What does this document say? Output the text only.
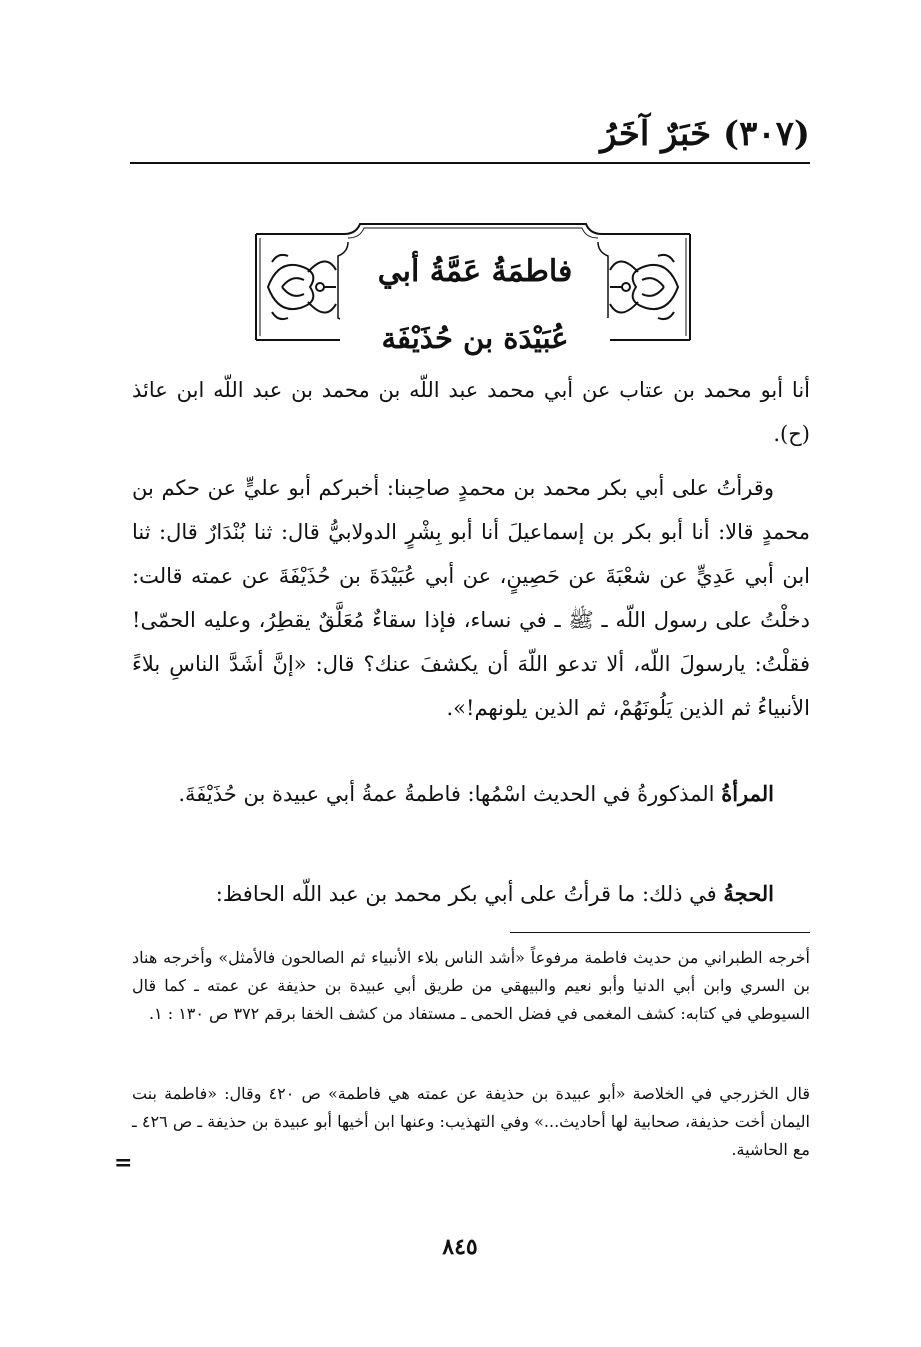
(٣٠٧) خَبَرٌ آخَرُ
فاطمَةُ عَمَّةُ أبي
عُبَيْدَة بن حُذَيْفَة

أنا أبو محمد بن عتاب عن أبي محمد عبد اللّه بن محمد بن عبد اللّه ابن عائذ (ح).

وقرأتُ على أبي بكر محمد بن محمدٍ صاحِبنا: أخبركم أبو عليٍّ عن حكم بن محمدٍ قالا: أنا أبو بكر بن إسماعيلَ أنا أبو بِشْرٍ الدولابيُّ قال: ثنا بُنْدَارٌ قال: ثنا ابن أبي عَدِيٍّ عن شعْبَةَ عن حَصِينٍ، عن أبي عُبَيْدَةَ بن حُذَيْفَةَ عن عمته قالت: دخلْتُ على رسول اللّه ـ ﷺ ـ في نساء، فإذا سقاءٌ مُعَلَّقٌ يقطِرُ، وعليه الحمّى! فقلْتُ: يارسولَ اللّه، ألا تدعو اللّهَ أن يكشفَ عنك؟ قال: «إنَّ أشَدَّ الناسِ بلاءً الأنبياءُ ثم الذين يَلُونَهُمْ، ثم الذين يلونهم!».

المرأةُ المذكورةُ في الحديث اسْمُها: فاطمةُ عمةُ أبي عبيدة بن حُذَيْفَةَ.

الحجةُ في ذلك: ما قرأتُ على أبي بكر محمد بن عبد اللّه الحافظ:

أخرجه الطبراني من حديث فاطمة مرفوعاً «أشد الناس بلاء الأنبياء ثم الصالحون فالأمثل» وأخرجه هناد بن السري وابن أبي الدنيا وأبو نعيم والبيهقي من طريق أبي عبيدة بن حذيفة عن عمته ـ كما قال السيوطي في كتابه: كشف المغمى في فضل الحمى ـ مستفاد من كشف الخفا برقم ٣٧٢ ص ١٣٠ : ١.

قال الخزرجي في الخلاصة «أبو عبيدة بن حذيفة عن عمته هي فاطمة» ص ٤٢٠ وقال: «فاطمة بنت اليمان أخت حذيفة، صحابية لها أحاديث...» وفي التهذيب: وعنها ابن أخيها أبو عبيدة بن حذيفة ـ ص ٤٢٦ ـ مع الحاشية.

=
٨٤٥
